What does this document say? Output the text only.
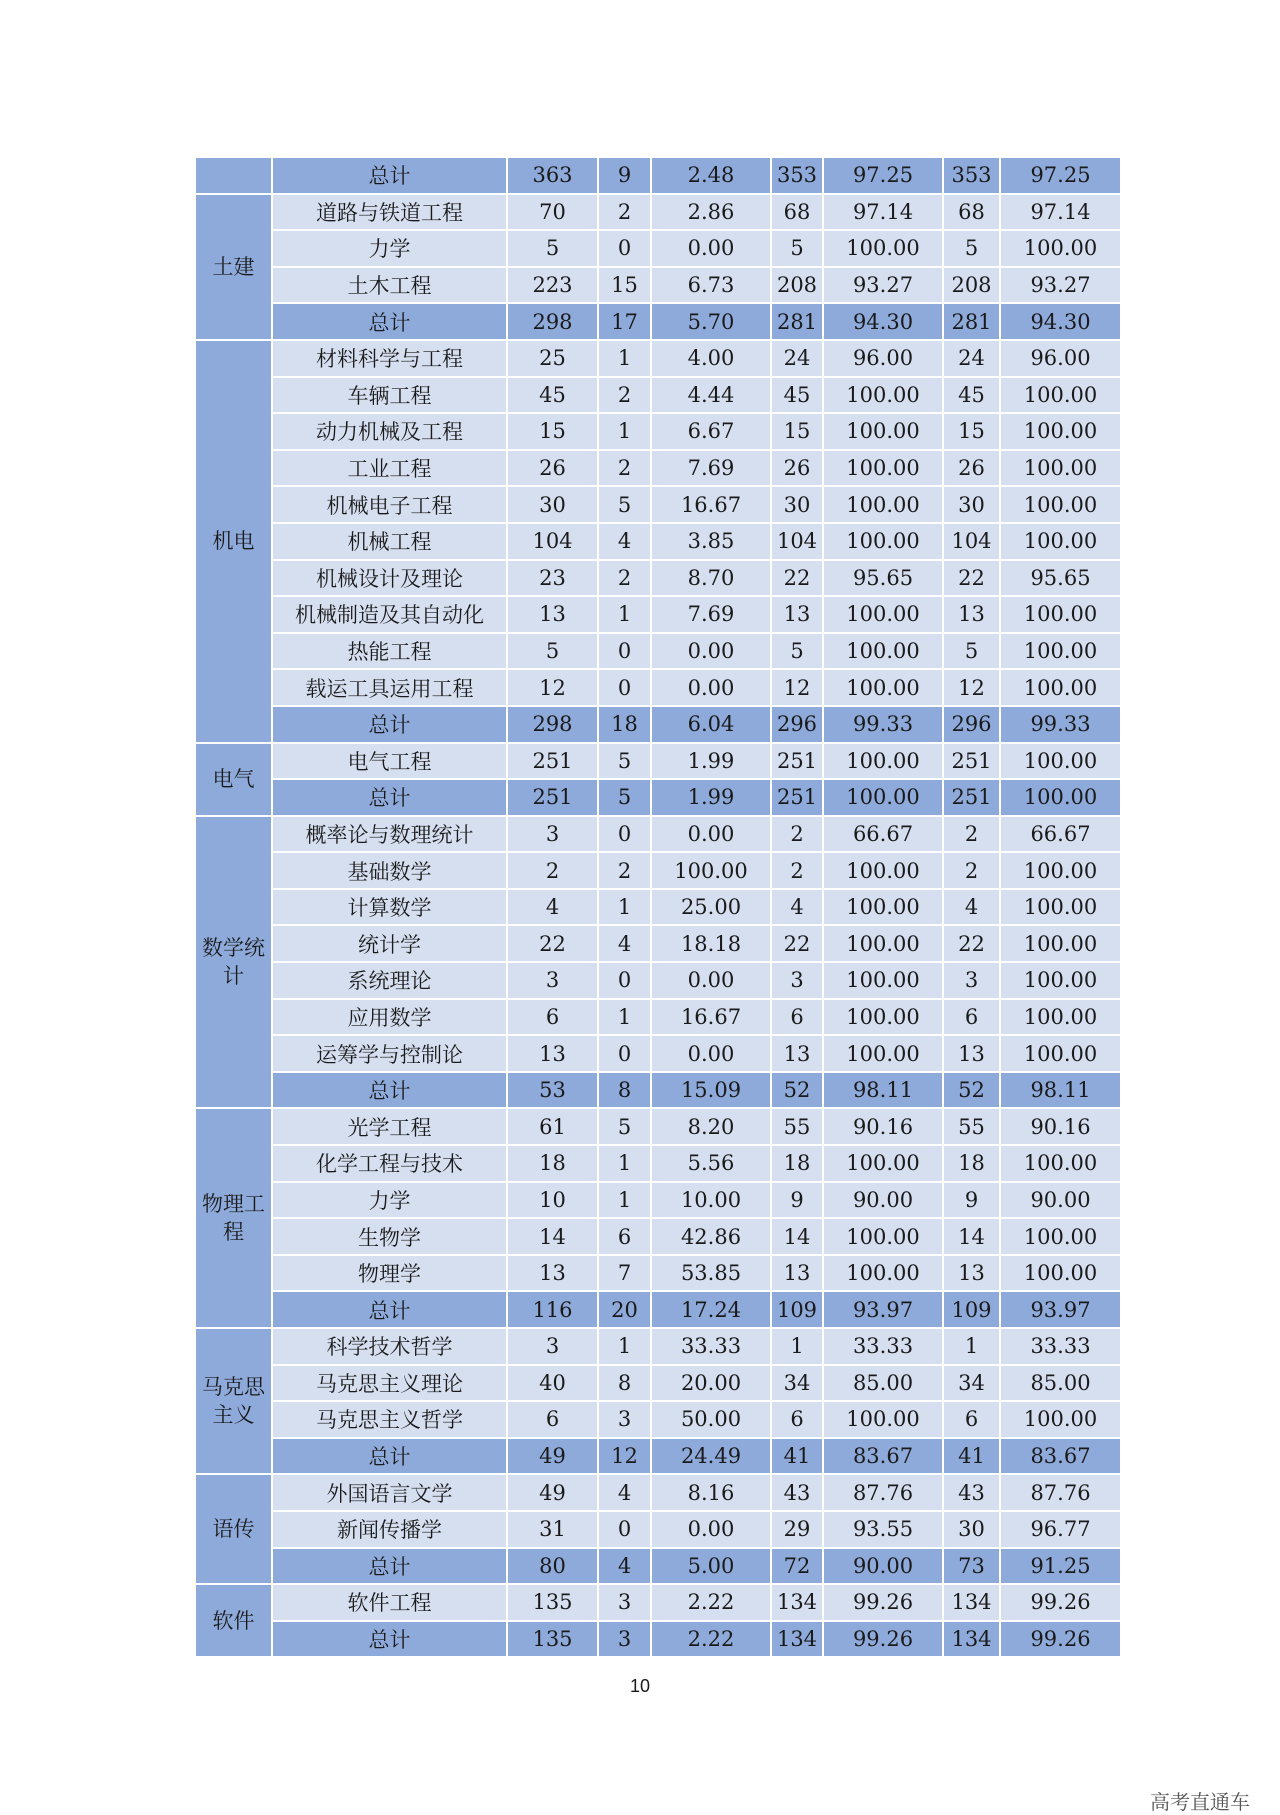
	总计	363	9	2.48	353	97.25	353	97.25
土建	道路与铁道工程	70	2	2.86	68	97.14	68	97.14
	力学	5	0	0.00	5	100.00	5	100.00
	土木工程	223	15	6.73	208	93.27	208	93.27
	总计	298	17	5.70	281	94.30	281	94.30
机电	材料科学与工程	25	1	4.00	24	96.00	24	96.00
	车辆工程	45	2	4.44	45	100.00	45	100.00
	动力机械及工程	15	1	6.67	15	100.00	15	100.00
	工业工程	26	2	7.69	26	100.00	26	100.00
	机械电子工程	30	5	16.67	30	100.00	30	100.00
	机械工程	104	4	3.85	104	100.00	104	100.00
	机械设计及理论	23	2	8.70	22	95.65	22	95.65
	机械制造及其自动化	13	1	7.69	13	100.00	13	100.00
	热能工程	5	0	0.00	5	100.00	5	100.00
	载运工具运用工程	12	0	0.00	12	100.00	12	100.00
	总计	298	18	6.04	296	99.33	296	99.33
电气	电气工程	251	5	1.99	251	100.00	251	100.00
	总计	251	5	1.99	251	100.00	251	100.00
数学统计	概率论与数理统计	3	0	0.00	2	66.67	2	66.67
	基础数学	2	2	100.00	2	100.00	2	100.00
	计算数学	4	1	25.00	4	100.00	4	100.00
	统计学	22	4	18.18	22	100.00	22	100.00
	系统理论	3	0	0.00	3	100.00	3	100.00
	应用数学	6	1	16.67	6	100.00	6	100.00
	运筹学与控制论	13	0	0.00	13	100.00	13	100.00
	总计	53	8	15.09	52	98.11	52	98.11
物理工程	光学工程	61	5	8.20	55	90.16	55	90.16
	化学工程与技术	18	1	5.56	18	100.00	18	100.00
	力学	10	1	10.00	9	90.00	9	90.00
	生物学	14	6	42.86	14	100.00	14	100.00
	物理学	13	7	53.85	13	100.00	13	100.00
	总计	116	20	17.24	109	93.97	109	93.97
马克思主义	科学技术哲学	3	1	33.33	1	33.33	1	33.33
	马克思主义理论	40	8	20.00	34	85.00	34	85.00
	马克思主义哲学	6	3	50.00	6	100.00	6	100.00
	总计	49	12	24.49	41	83.67	41	83.67
语传	外国语言文学	49	4	8.16	43	87.76	43	87.76
	新闻传播学	31	0	0.00	29	93.55	30	96.77
	总计	80	4	5.00	72	90.00	73	91.25
软件	软件工程	135	3	2.22	134	99.26	134	99.26
	总计	135	3	2.22	134	99.26	134	99.26
10
高考直通车
